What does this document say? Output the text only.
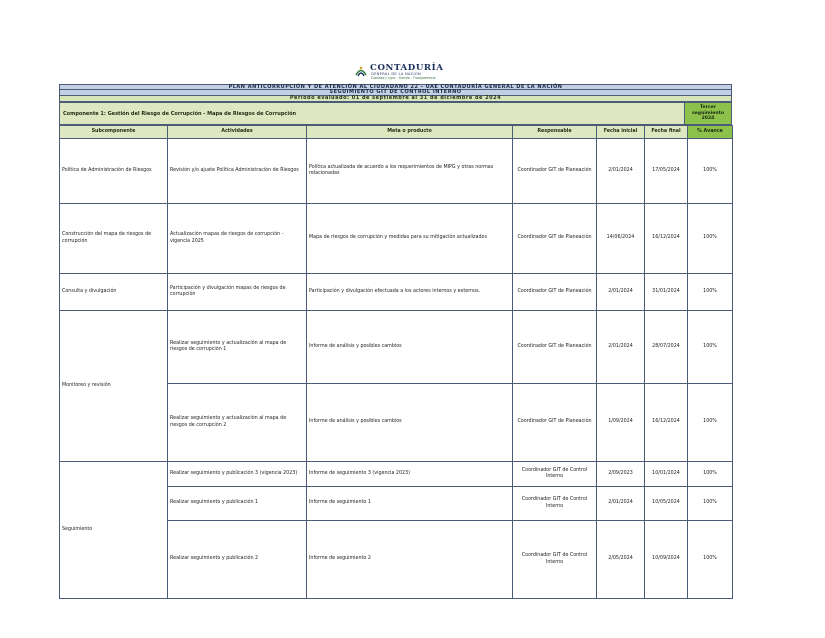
CONTADURÍA
GENERAL DE LA NACIÓN
Claridad y rigor - Fuente - Transparencia
PLAN ANTICORRUPCIÓN Y DE ATENCIÓN AL CIUDADANO 22 - UAE CONTADURÍA GENERAL DE LA NACIÓN
SEGUIMIENTO GIT DE CONTROL INTERNO
Periodo evaluado: 01 de septiembre al 31 de diciembre de 2024
Componente 1: Gestión del Riesgo de Corrupción - Mapa de Riesgos de Corrupción
Tercer
seguimiento
2024
Subcomponente	Actividades	Meta o producto	Responsable	Fecha inicial	Fecha final	% Avance
Política de Administración de Riesgos	Revisión y/o ajuste Política Administración de Riesgos	Política actualizada de acuerdo a los requerimientos de MIPG y otras normas relacionadas	Coordinador GIT de Planeación	2/01/2024	17/05/2024	100%
Construcción del mapa de riesgos de corrupción	Actualización mapas de riesgos de corrupción - vigencia 2025	Mapa de riesgos de corrupción y medidas para su mitigación actualizados	Coordinador GIT de Planeación	14/06/2024	16/12/2024	100%
Consulta y divulgación	Participación y divulgación mapas de riesgos de corrupción	Participación y divulgación efectuada a los actores internos y externos.	Coordinador GIT de Planeación	2/01/2024	31/01/2024	100%
Monitoreo y revisión	Realizar seguimiento y actualización al mapa de riesgos de corrupción 1	Informe de análisis y posibles cambios	Coordinador GIT de Planeación	2/01/2024	28/07/2024	100%
	Realizar seguimiento y actualización al mapa de riesgos de corrupción 2	Informe de análisis y posibles cambios	Coordinador GIT de Planeación	1/09/2024	16/12/2024	100%
Seguimiento	Realizar seguimiento y publicación 3 (vigencia 2023)	Informe de seguimiento 3 (vigencia 2023)	Coordinador GIT de Control Interno	2/09/2023	10/01/2024	100%
	Realizar seguimiento y publicación 1	Informe de seguimiento 1	Coordinador GIT de Control Interno	2/01/2024	10/05/2024	100%
	Realizar seguimiento y publicación 2	Informe de seguimiento 2	Coordinador GIT de Control Interno	2/05/2024	10/09/2024	100%
